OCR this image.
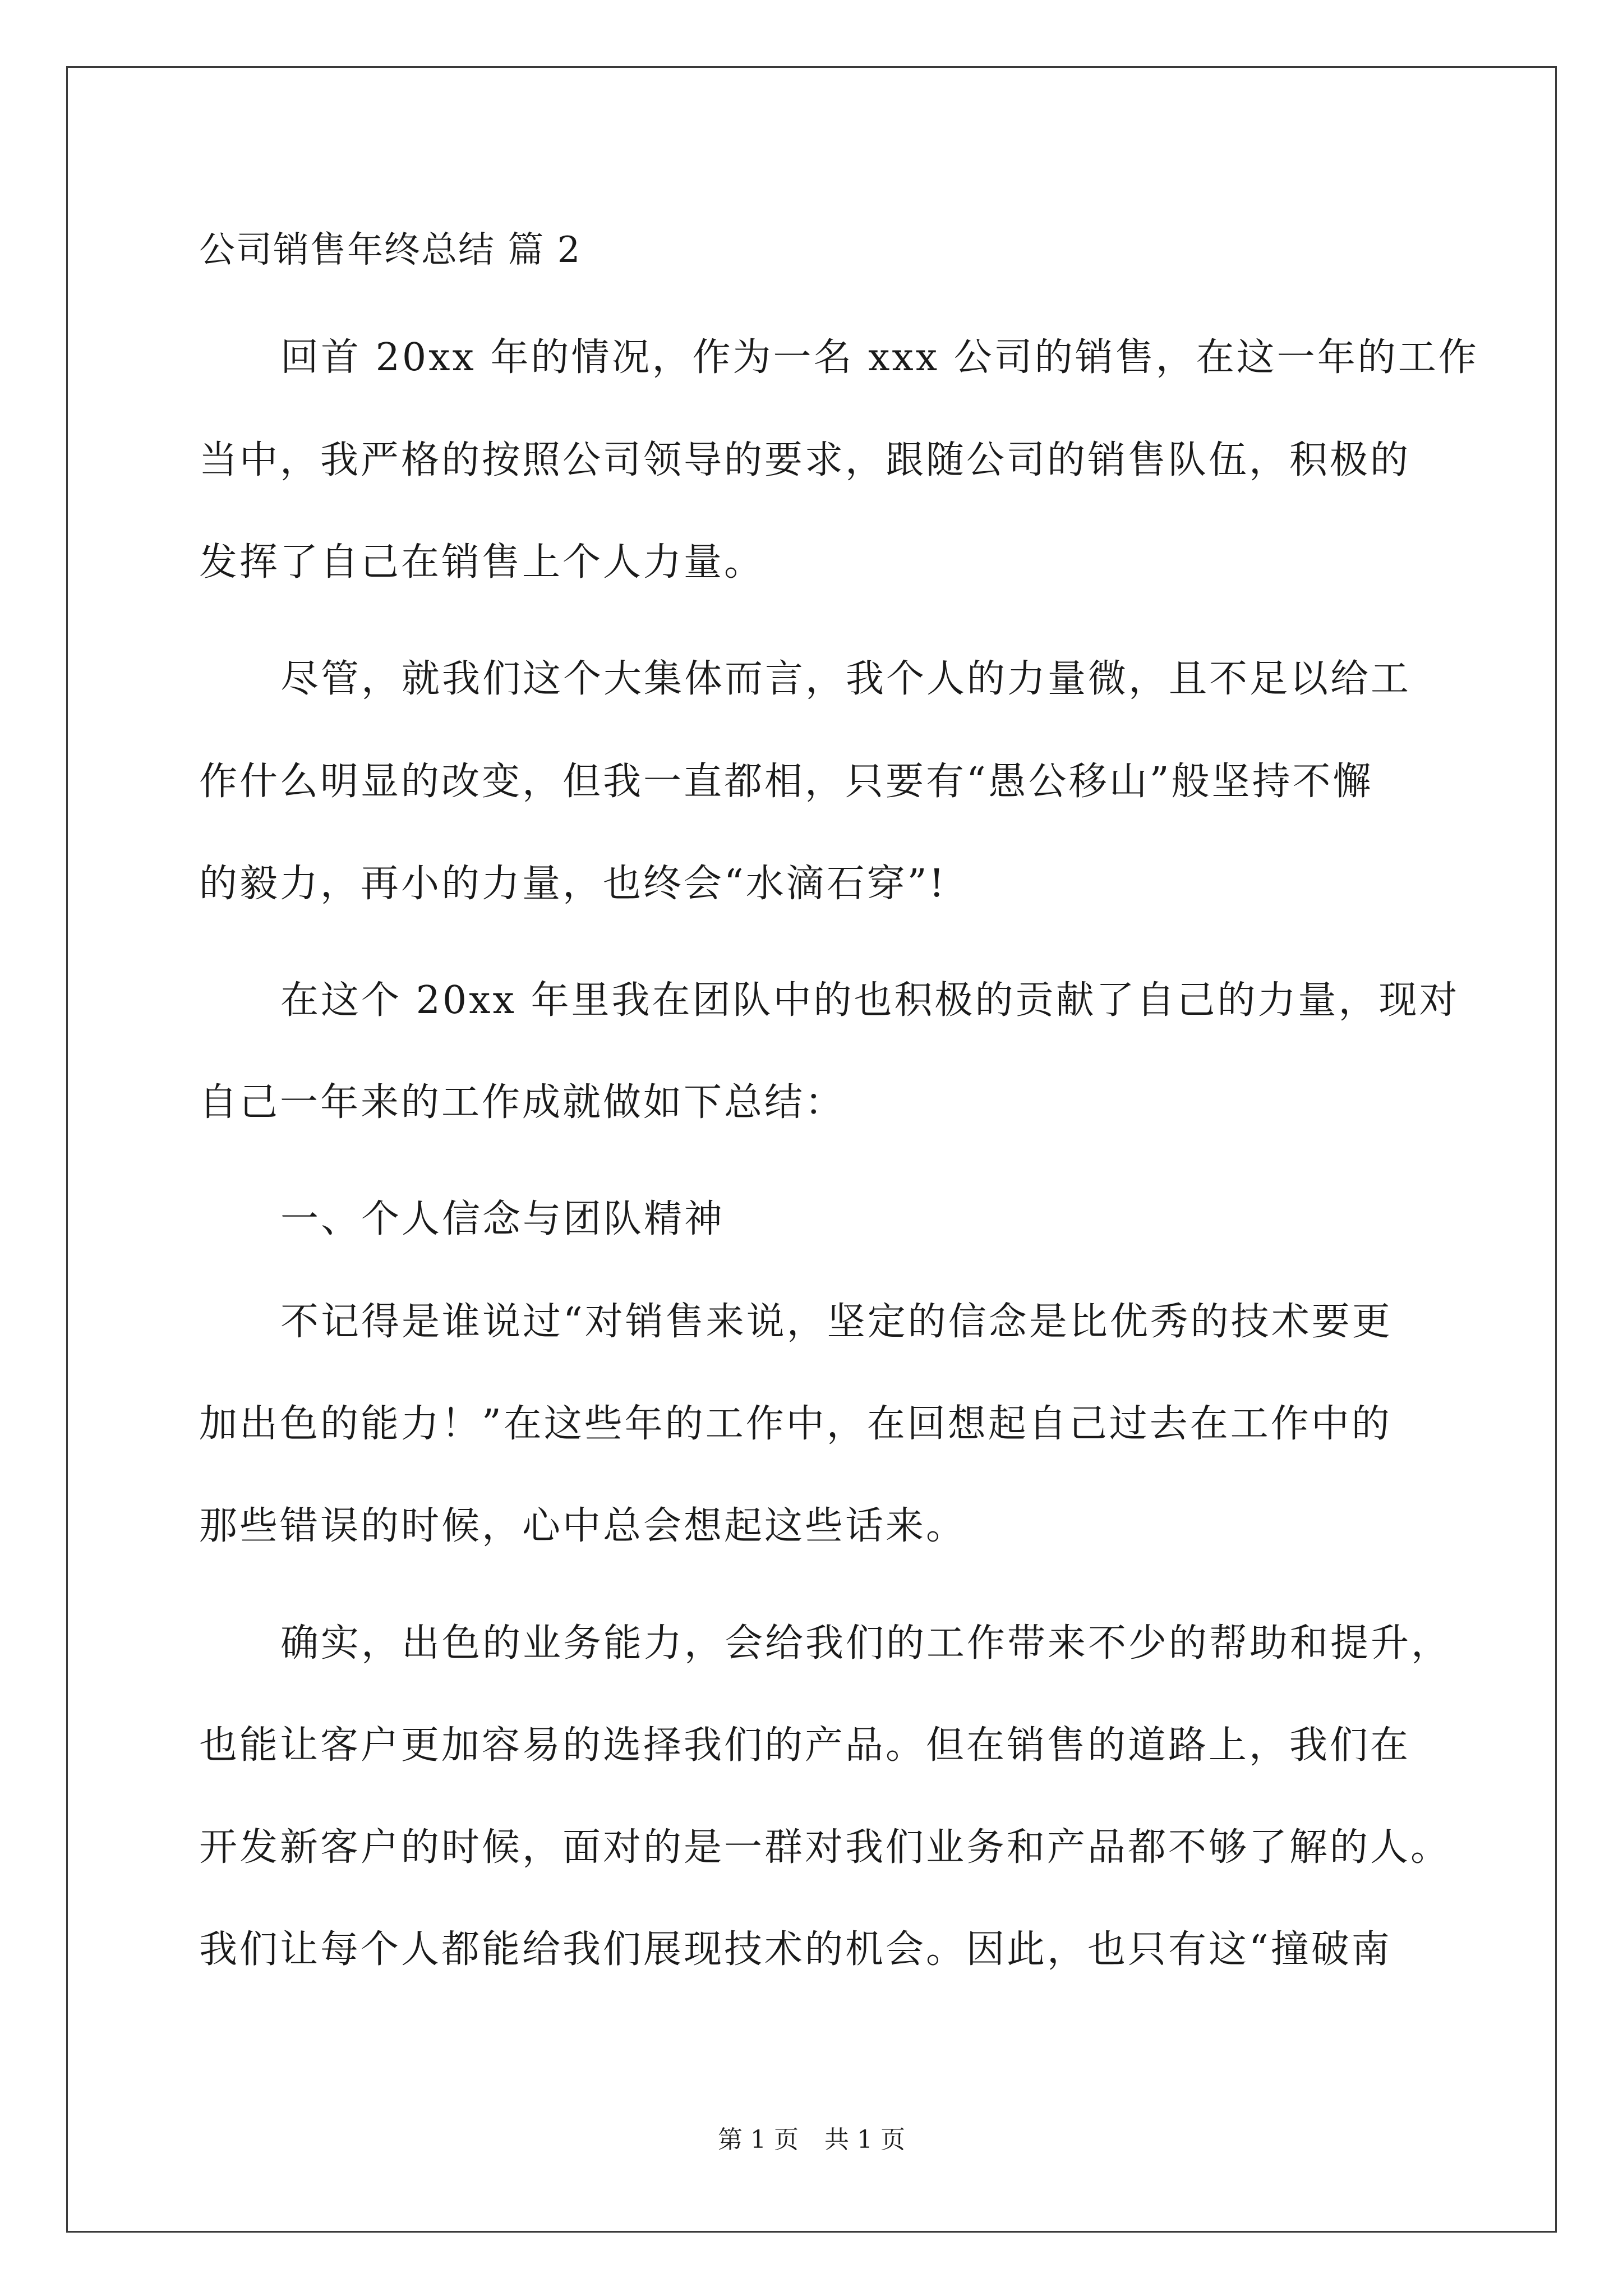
公司销售年终总结 篇 2
回首 20xx 年的情况，作为一名 xxx 公司的销售，在这一年的工作
当中，我严格的按照公司领导的要求，跟随公司的销售队伍，积极的
发挥了自己在销售上个人力量。
尽管，就我们这个大集体而言，我个人的力量微，且不足以给工
作什么明显的改变，但我一直都相，只要有“愚公移山”般坚持不懈
的毅力，再小的力量，也终会“水滴石穿”!
在这个 20xx 年里我在团队中的也积极的贡献了自己的力量，现对
自己一年来的工作成就做如下总结：
一、个人信念与团队精神
不记得是谁说过“对销售来说，坚定的信念是比优秀的技术要更
加出色的能力！”在这些年的工作中，在回想起自己过去在工作中的
那些错误的时候，心中总会想起这些话来。
确实，出色的业务能力，会给我们的工作带来不少的帮助和提升，
也能让客户更加容易的选择我们的产品。但在销售的道路上，我们在
开发新客户的时候，面对的是一群对我们业务和产品都不够了解的人。
我们让每个人都能给我们展现技术的机会。因此，也只有这“撞破南
第 1 页 共 1 页
